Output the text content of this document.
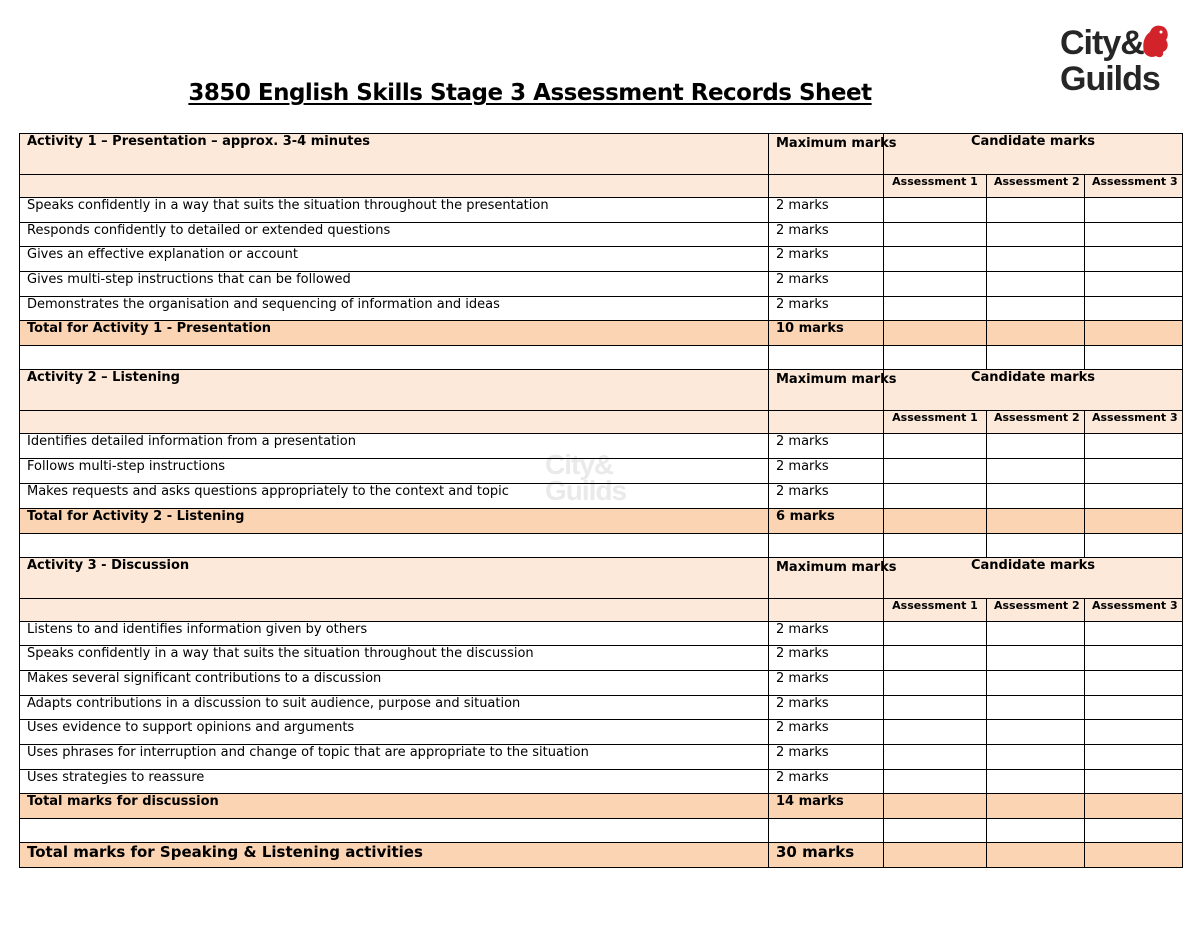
City&
Guilds
3850 English Skills Stage 3 Assessment Records Sheet
City&
Guilds
Activity 1 – Presentation – approx. 3-4 minutes	Maximum marks	Candidate marks		
		Assessment 1	Assessment 2	Assessment 3
Speaks confidently in a way that suits the situation throughout the presentation	2 marks			
Responds confidently to detailed or extended questions	2 marks			
Gives an effective explanation or account	2 marks			
Gives multi-step instructions that can be followed	2 marks			
Demonstrates the organisation and sequencing of information and ideas	2 marks			
Total for Activity 1 - Presentation	10 marks			

Activity 2 – Listening	Maximum marks	Candidate marks		
		Assessment 1	Assessment 2	Assessment 3
Identifies detailed information from a presentation	2 marks			
Follows multi-step instructions	2 marks			
Makes requests and asks questions appropriately to the context and topic	2 marks			
Total for Activity 2 - Listening	6 marks			

Activity 3 - Discussion	Maximum marks	Candidate marks		
		Assessment 1	Assessment 2	Assessment 3
Listens to and identifies information given by others	2 marks			
Speaks confidently in a way that suits the situation throughout the discussion	2 marks			
Makes several significant contributions to a discussion	2 marks			
Adapts contributions in a discussion to suit audience, purpose and situation	2 marks			
Uses evidence to support opinions and arguments	2 marks			
Uses phrases for interruption and change of topic that are appropriate to the situation	2 marks			
Uses strategies to reassure	2 marks			
Total marks for discussion	14 marks			

Total marks for Speaking & Listening activities	30 marks			
